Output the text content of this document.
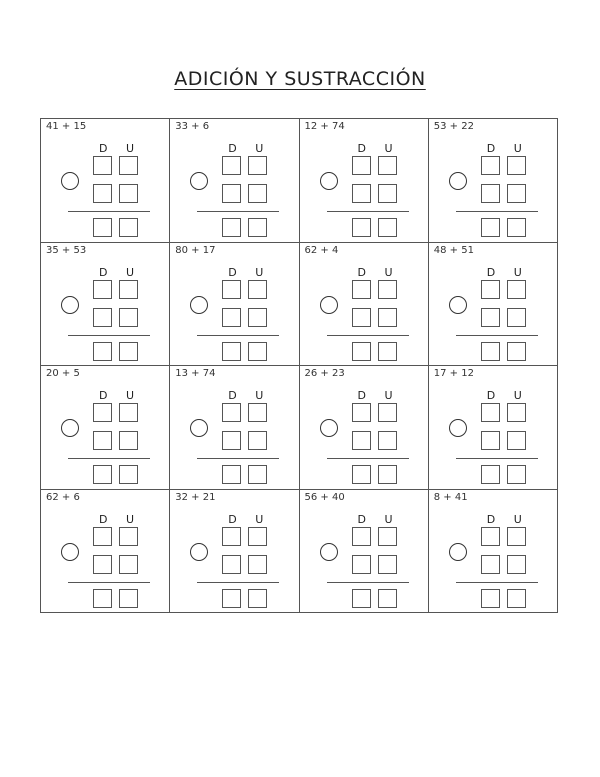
ADICIÓN Y SUSTRACCIÓN
41 + 15
D U
33 + 6
D U
12 + 74
D U
53 + 22
D U
35 + 53
D U
80 + 17
D U
62 + 4
D U
48 + 51
D U
20 + 5
D U
13 + 74
D U
26 + 23
D U
17 + 12
D U
62 + 6
D U
32 + 21
D U
56 + 40
D U
8 + 41
D U
